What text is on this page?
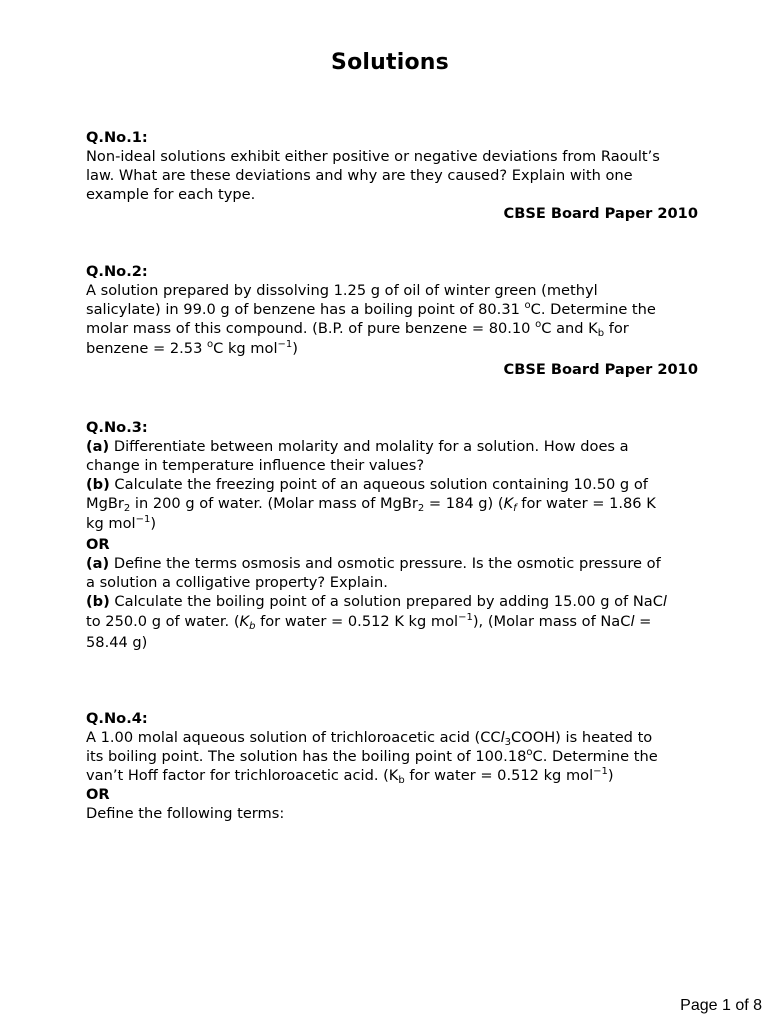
Solutions
Q.No.1:
Non-ideal solutions exhibit either positive or negative deviations from Raoult’s
law. What are these deviations and why are they caused? Explain with one
example for each type.
CBSE Board Paper 2010
Q.No.2:
A solution prepared by dissolving 1.25 g of oil of winter green (methyl
salicylate) in 99.0 g of benzene has a boiling point of 80.31 $^o$C. Determine the
molar mass of this compound. (B.P. of pure benzene = 80.10 $^o$C and $K_b$ for
benzene = 2.53 $^o$C kg mol$^{-1}$)
CBSE Board Paper 2010
Q.No.3:
(a) Differentiate between molarity and molality for a solution. How does a
change in temperature influence their values?
(b) Calculate the freezing point of an aqueous solution containing 10.50 g of
MgBr$_2$ in 200 g of water. (Molar mass of MgBr$_2$ = 184 g) ($K_f$ for water = 1.86 K
kg mol$^{-1}$)
OR
(a) Define the terms osmosis and osmotic pressure. Is the osmotic pressure of
a solution a colligative property? Explain.
(b) Calculate the boiling point of a solution prepared by adding 15.00 g of NaCl
to 250.0 g of water. ($K_b$ for water = 0.512 K kg mol$^{-1}$), (Molar mass of NaCl =
58.44 g)
Q.No.4:
A 1.00 molal aqueous solution of trichloroacetic acid (CCl$_3$COOH) is heated to
its boiling point. The solution has the boiling point of 100.18$^o$C. Determine the
van’t Hoff factor for trichloroacetic acid. ($K_b$ for water = 0.512 kg mol$^{-1}$)
OR
Define the following terms:
Page 1 of 8
